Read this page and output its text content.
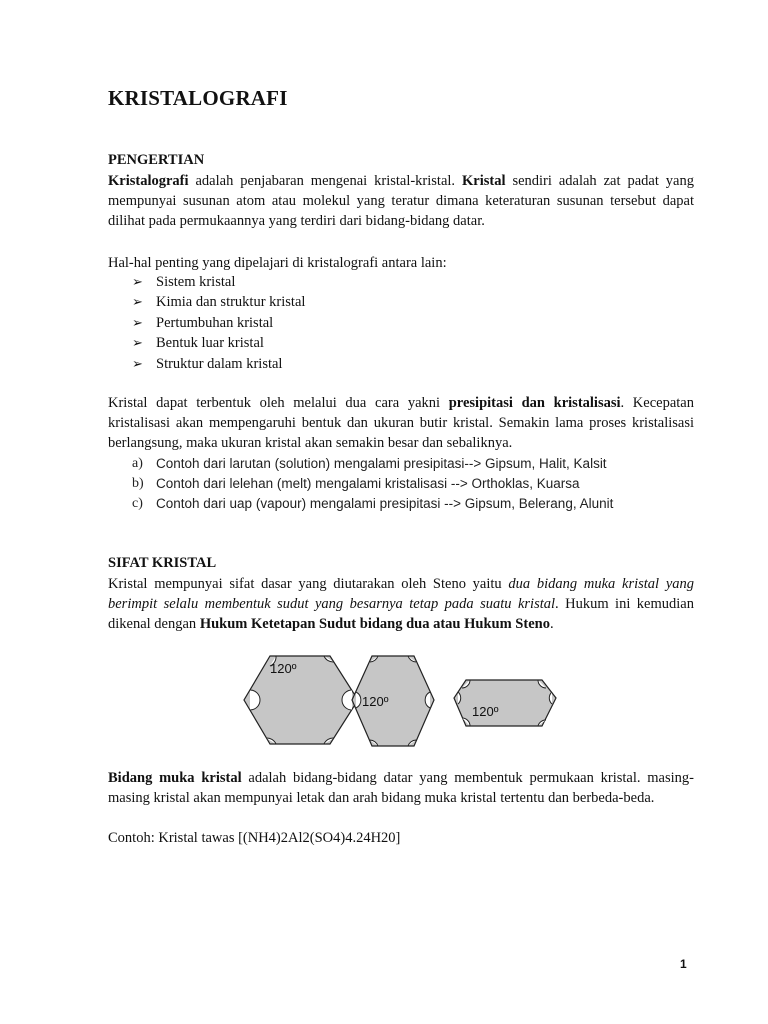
KRISTALOGRAFI
PENGERTIAN

Kristalografi adalah penjabaran mengenai kristal-kristal. Kristal sendiri adalah zat padat yang mempunyai susunan atom atau molekul yang teratur dimana keteraturan susunan tersebut dapat dilihat pada permukaannya yang terdiri dari bidang-bidang datar.

Hal-hal penting yang dipelajari di kristalografi antara lain:

➢ Sistem kristal
➢ Kimia dan struktur kristal
➢ Pertumbuhan kristal
➢ Bentuk luar kristal
➢ Struktur dalam kristal

Kristal dapat terbentuk oleh melalui dua cara yakni presipitasi dan kristalisasi. Kecepatan kristalisasi akan mempengaruhi bentuk dan ukuran butir kristal. Semakin lama proses kristalisasi berlangsung, maka ukuran kristal akan semakin besar dan sebaliknya.

a) Contoh dari larutan (solution) mengalami presipitasi--> Gipsum, Halit, Kalsit
b) Contoh dari lelehan (melt) mengalami kristalisasi --> Orthoklas, Kuarsa
c) Contoh dari uap (vapour) mengalami presipitasi --> Gipsum, Belerang, Alunit
SIFAT KRISTAL

Kristal mempunyai sifat dasar yang diutarakan oleh Steno yaitu dua bidang muka kristal yang berimpit selalu membentuk sudut yang besarnya tetap pada suatu kristal. Hukum ini kemudian dikenal dengan Hukum Ketetapan Sudut bidang dua atau Hukum Steno.

120º
120º
120º

Bidang muka kristal adalah bidang-bidang datar yang membentuk permukaan kristal. masing-masing kristal akan mempunyai letak dan arah bidang muka kristal tertentu dan berbeda-beda.

Contoh: Kristal tawas [(NH4)2Al2(SO4)4.24H20]

1
